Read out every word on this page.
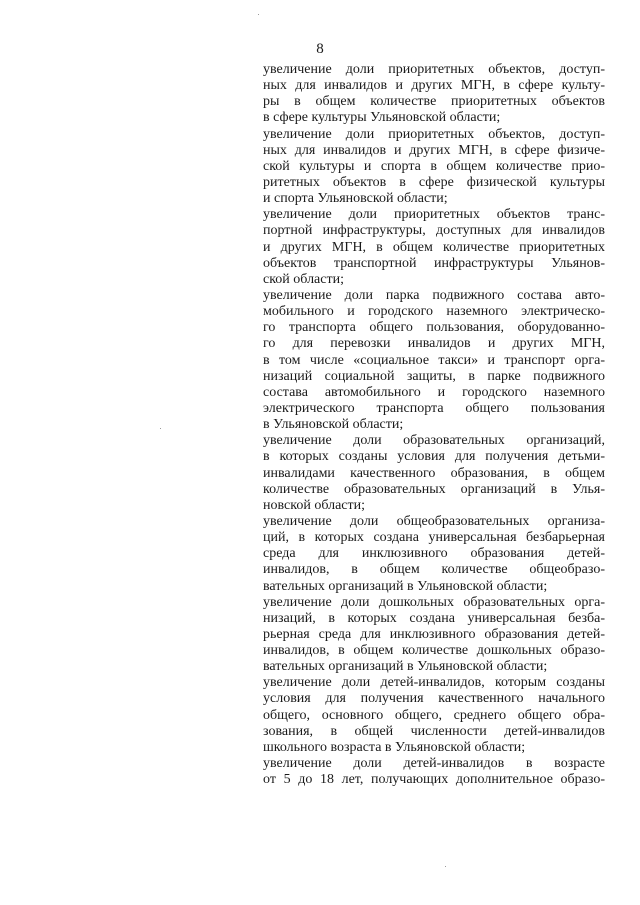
8
увеличение доли приоритетных объектов, доступ-
ных для инвалидов и других МГН, в сфере культу-
ры в общем количестве приоритетных объектов
в сфере культуры Ульяновской области;
увеличение доли приоритетных объектов, доступ-
ных для инвалидов и других МГН, в сфере физиче-
ской культуры и спорта в общем количестве прио-
ритетных объектов в сфере физической культуры
и спорта Ульяновской области;
увеличение доли приоритетных объектов транс-
портной инфраструктуры, доступных для инвалидов
и других МГН, в общем количестве приоритетных
объектов транспортной инфраструктуры Ульянов-
ской области;
увеличение доли парка подвижного состава авто-
мобильного и городского наземного электрическо-
го транспорта общего пользования, оборудованно-
го для перевозки инвалидов и других МГН,
в том числе «социальное такси» и транспорт орга-
низаций социальной защиты, в парке подвижного
состава автомобильного и городского наземного
электрического транспорта общего пользования
в Ульяновской области;
увеличение доли образовательных организаций,
в которых созданы условия для получения детьми-
инвалидами качественного образования, в общем
количестве образовательных организаций в Улья-
новской области;
увеличение доли общеобразовательных организа-
ций, в которых создана универсальная безбарьерная
среда для инклюзивного образования детей-
инвалидов, в общем количестве общеобразо-
вательных организаций в Ульяновской области;
увеличение доли дошкольных образовательных орга-
низаций, в которых создана универсальная безба-
рьерная среда для инклюзивного образования детей-
инвалидов, в общем количестве дошкольных образо-
вательных организаций в Ульяновской области;
увеличение доли детей-инвалидов, которым созданы
условия для получения качественного начального
общего, основного общего, среднего общего обра-
зования, в общей численности детей-инвалидов
школьного возраста в Ульяновской области;
увеличение доли детей-инвалидов в возрасте
от 5 до 18 лет, получающих дополнительное образо-
